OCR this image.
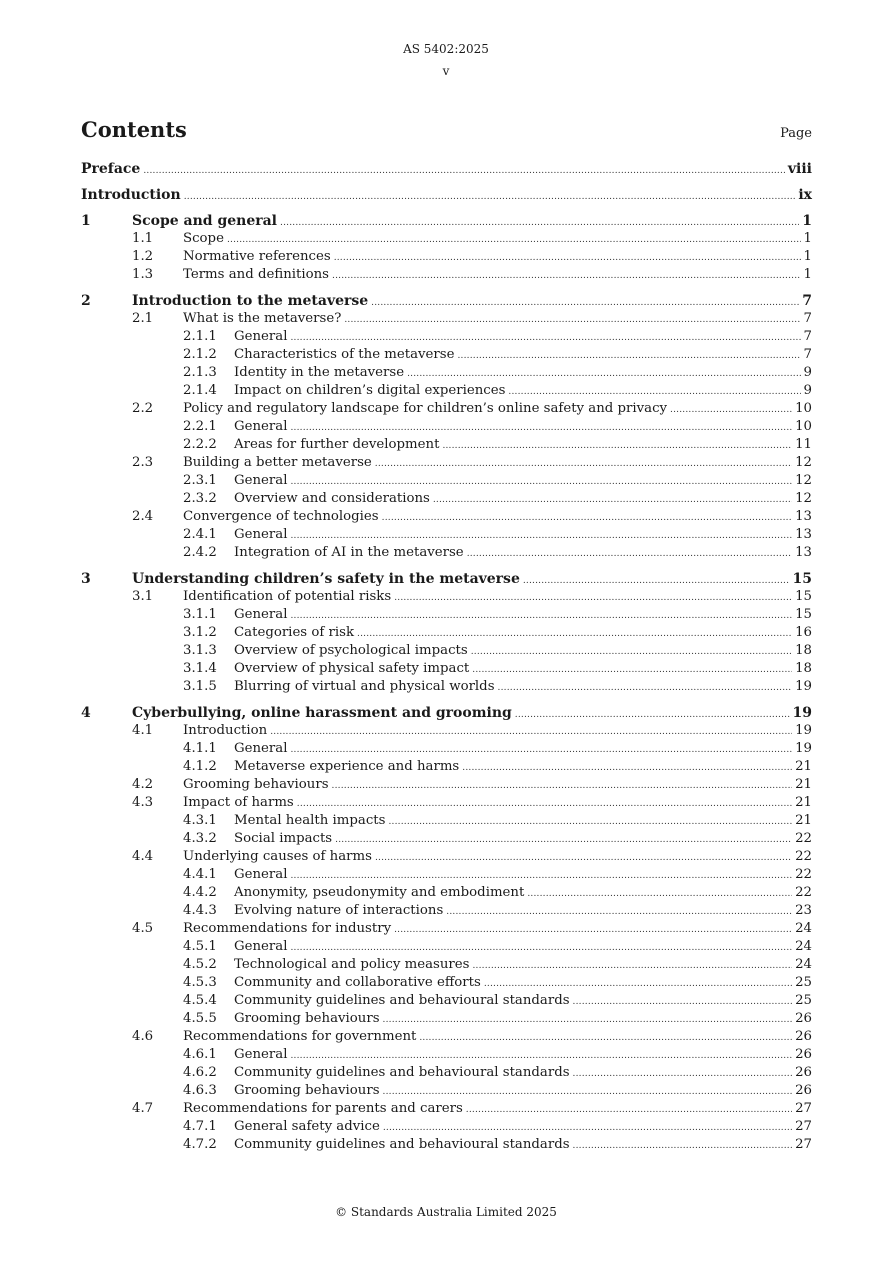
AS 5402:2025
v
Contents	Page
Preface .....	viii
Introduction .....	ix
1	Scope and general .....	1
1.1 Scope .....	1
1.2 Normative references .....	1
1.3 Terms and definitions .....	1
2	Introduction to the metaverse .....	7
2.1 What is the metaverse? .....	7
2.1.1 General .....	7
2.1.2 Characteristics of the metaverse .....	7
2.1.3 Identity in the metaverse .....	9
2.1.4 Impact on children’s digital experiences .....	9
2.2 Policy and regulatory landscape for children’s online safety and privacy .....	10
2.2.1 General .....	10
2.2.2 Areas for further development .....	11
2.3 Building a better metaverse .....	12
2.3.1 General .....	12
2.3.2 Overview and considerations .....	12
2.4 Convergence of technologies .....	13
2.4.1 General .....	13
2.4.2 Integration of AI in the metaverse .....	13
3	Understanding children’s safety in the metaverse .....	15
3.1 Identification of potential risks .....	15
3.1.1 General .....	15
3.1.2 Categories of risk .....	16
3.1.3 Overview of psychological impacts .....	18
3.1.4 Overview of physical safety impact .....	18
3.1.5 Blurring of virtual and physical worlds .....	19
4	Cyberbullying, online harassment and grooming .....	19
4.1 Introduction .....	19
4.1.1 General .....	19
4.1.2 Metaverse experience and harms .....	21
4.2 Grooming behaviours .....	21
4.3 Impact of harms .....	21
4.3.1 Mental health impacts .....	21
4.3.2 Social impacts .....	22
4.4 Underlying causes of harms .....	22
4.4.1 General .....	22
4.4.2 Anonymity, pseudonymity and embodiment .....	22
4.4.3 Evolving nature of interactions .....	23
4.5 Recommendations for industry .....	24
4.5.1 General .....	24
4.5.2 Technological and policy measures .....	24
4.5.3 Community and collaborative efforts .....	25
4.5.4 Community guidelines and behavioural standards .....	25
4.5.5 Grooming behaviours .....	26
4.6 Recommendations for government .....	26
4.6.1 General .....	26
4.6.2 Community guidelines and behavioural standards .....	26
4.6.3 Grooming behaviours .....	26
4.7 Recommendations for parents and carers .....	27
4.7.1 General safety advice .....	27
4.7.2 Community guidelines and behavioural standards .....	27
© Standards Australia Limited 2025
